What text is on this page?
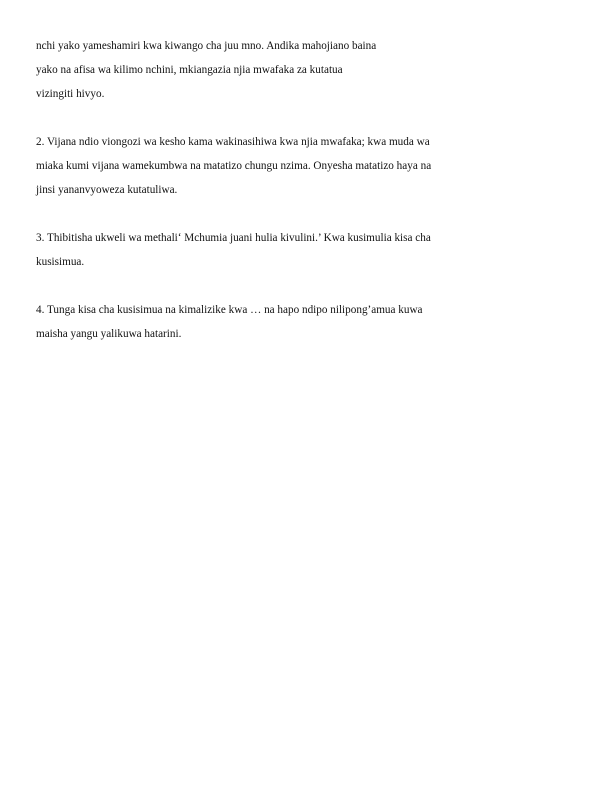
nchi yako yameshamiri kwa kiwango cha juu mno. Andika mahojiano baina
yako na afisa wa kilimo nchini, mkiangazia njia mwafaka za kutatua
vizingiti hivyo.
2. Vijana ndio viongozi wa kesho kama wakinasihiwa kwa njia mwafaka; kwa muda wa
miaka kumi vijana wamekumbwa na matatizo chungu nzima. Onyesha matatizo haya na
jinsi yananvyoweza kutatuliwa.
3. Thibitisha ukweli wa methali‘ Mchumia juani hulia kivulini.’ Kwa kusimulia kisa cha
kusisimua.
4. Tunga kisa cha kusisimua na kimalizike kwa … na hapo ndipo nilipong’amua kuwa
maisha yangu yalikuwa hatarini.
